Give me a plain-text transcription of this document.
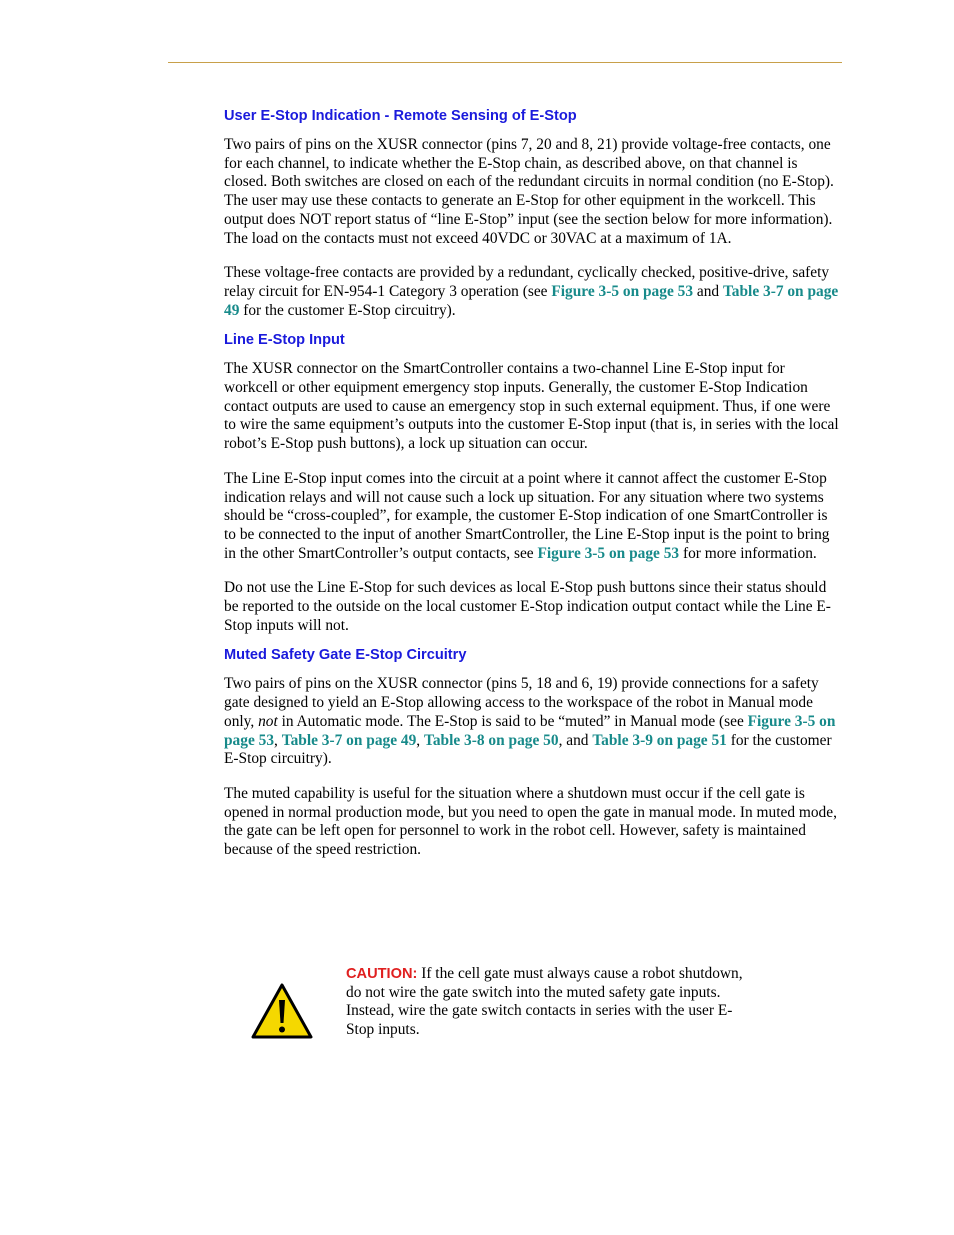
User E-Stop Indication - Remote Sensing of E-Stop

Two pairs of pins on the XUSR connector (pins 7, 20 and 8, 21) provide voltage-free contacts, one for each channel, to indicate whether the E-Stop chain, as described above, on that channel is closed. Both switches are closed on each of the redundant circuits in normal condition (no E-Stop). The user may use these contacts to generate an E-Stop for other equipment in the workcell. This output does NOT report status of “line E-Stop” input (see the section below for more information). The load on the contacts must not exceed 40VDC or 30VAC at a maximum of 1A.

These voltage-free contacts are provided by a redundant, cyclically checked, positive-drive, safety relay circuit for EN-954-1 Category 3 operation (see Figure 3-5 on page 53 and Table 3-7 on page 49 for the customer E-Stop circuitry).

Line E-Stop Input

The XUSR connector on the SmartController contains a two-channel Line E-Stop input for workcell or other equipment emergency stop inputs. Generally, the customer E-Stop Indication contact outputs are used to cause an emergency stop in such external equipment. Thus, if one were to wire the same equipment’s outputs into the customer E-Stop input (that is, in series with the local robot’s E-Stop push buttons), a lock up situation can occur.

The Line E-Stop input comes into the circuit at a point where it cannot affect the customer E-Stop indication relays and will not cause such a lock up situation. For any situation where two systems should be “cross-coupled”, for example, the customer E-Stop indication of one SmartController is to be connected to the input of another SmartController, the Line E-Stop input is the point to bring in the other SmartController’s output contacts, see Figure 3-5 on page 53 for more information.

Do not use the Line E-Stop for such devices as local E-Stop push buttons since their status should be reported to the outside on the local customer E-Stop indication output contact while the Line E-Stop inputs will not.

Muted Safety Gate E-Stop Circuitry

Two pairs of pins on the XUSR connector (pins 5, 18 and 6, 19) provide connections for a safety gate designed to yield an E-Stop allowing access to the workspace of the robot in Manual mode only, not in Automatic mode. The E-Stop is said to be “muted” in Manual mode (see Figure 3-5 on page 53, Table 3-7 on page 49, Table 3-8 on page 50, and Table 3-9 on page 51 for the customer E-Stop circuitry).

The muted capability is useful for the situation where a shutdown must occur if the cell gate is opened in normal production mode, but you need to open the gate in manual mode. In muted mode, the gate can be left open for personnel to work in the robot cell. However, safety is maintained because of the speed restriction.

CAUTION: If the cell gate must always cause a robot shutdown, do not wire the gate switch into the muted safety gate inputs. Instead, wire the gate switch contacts in series with the user E-Stop inputs.
